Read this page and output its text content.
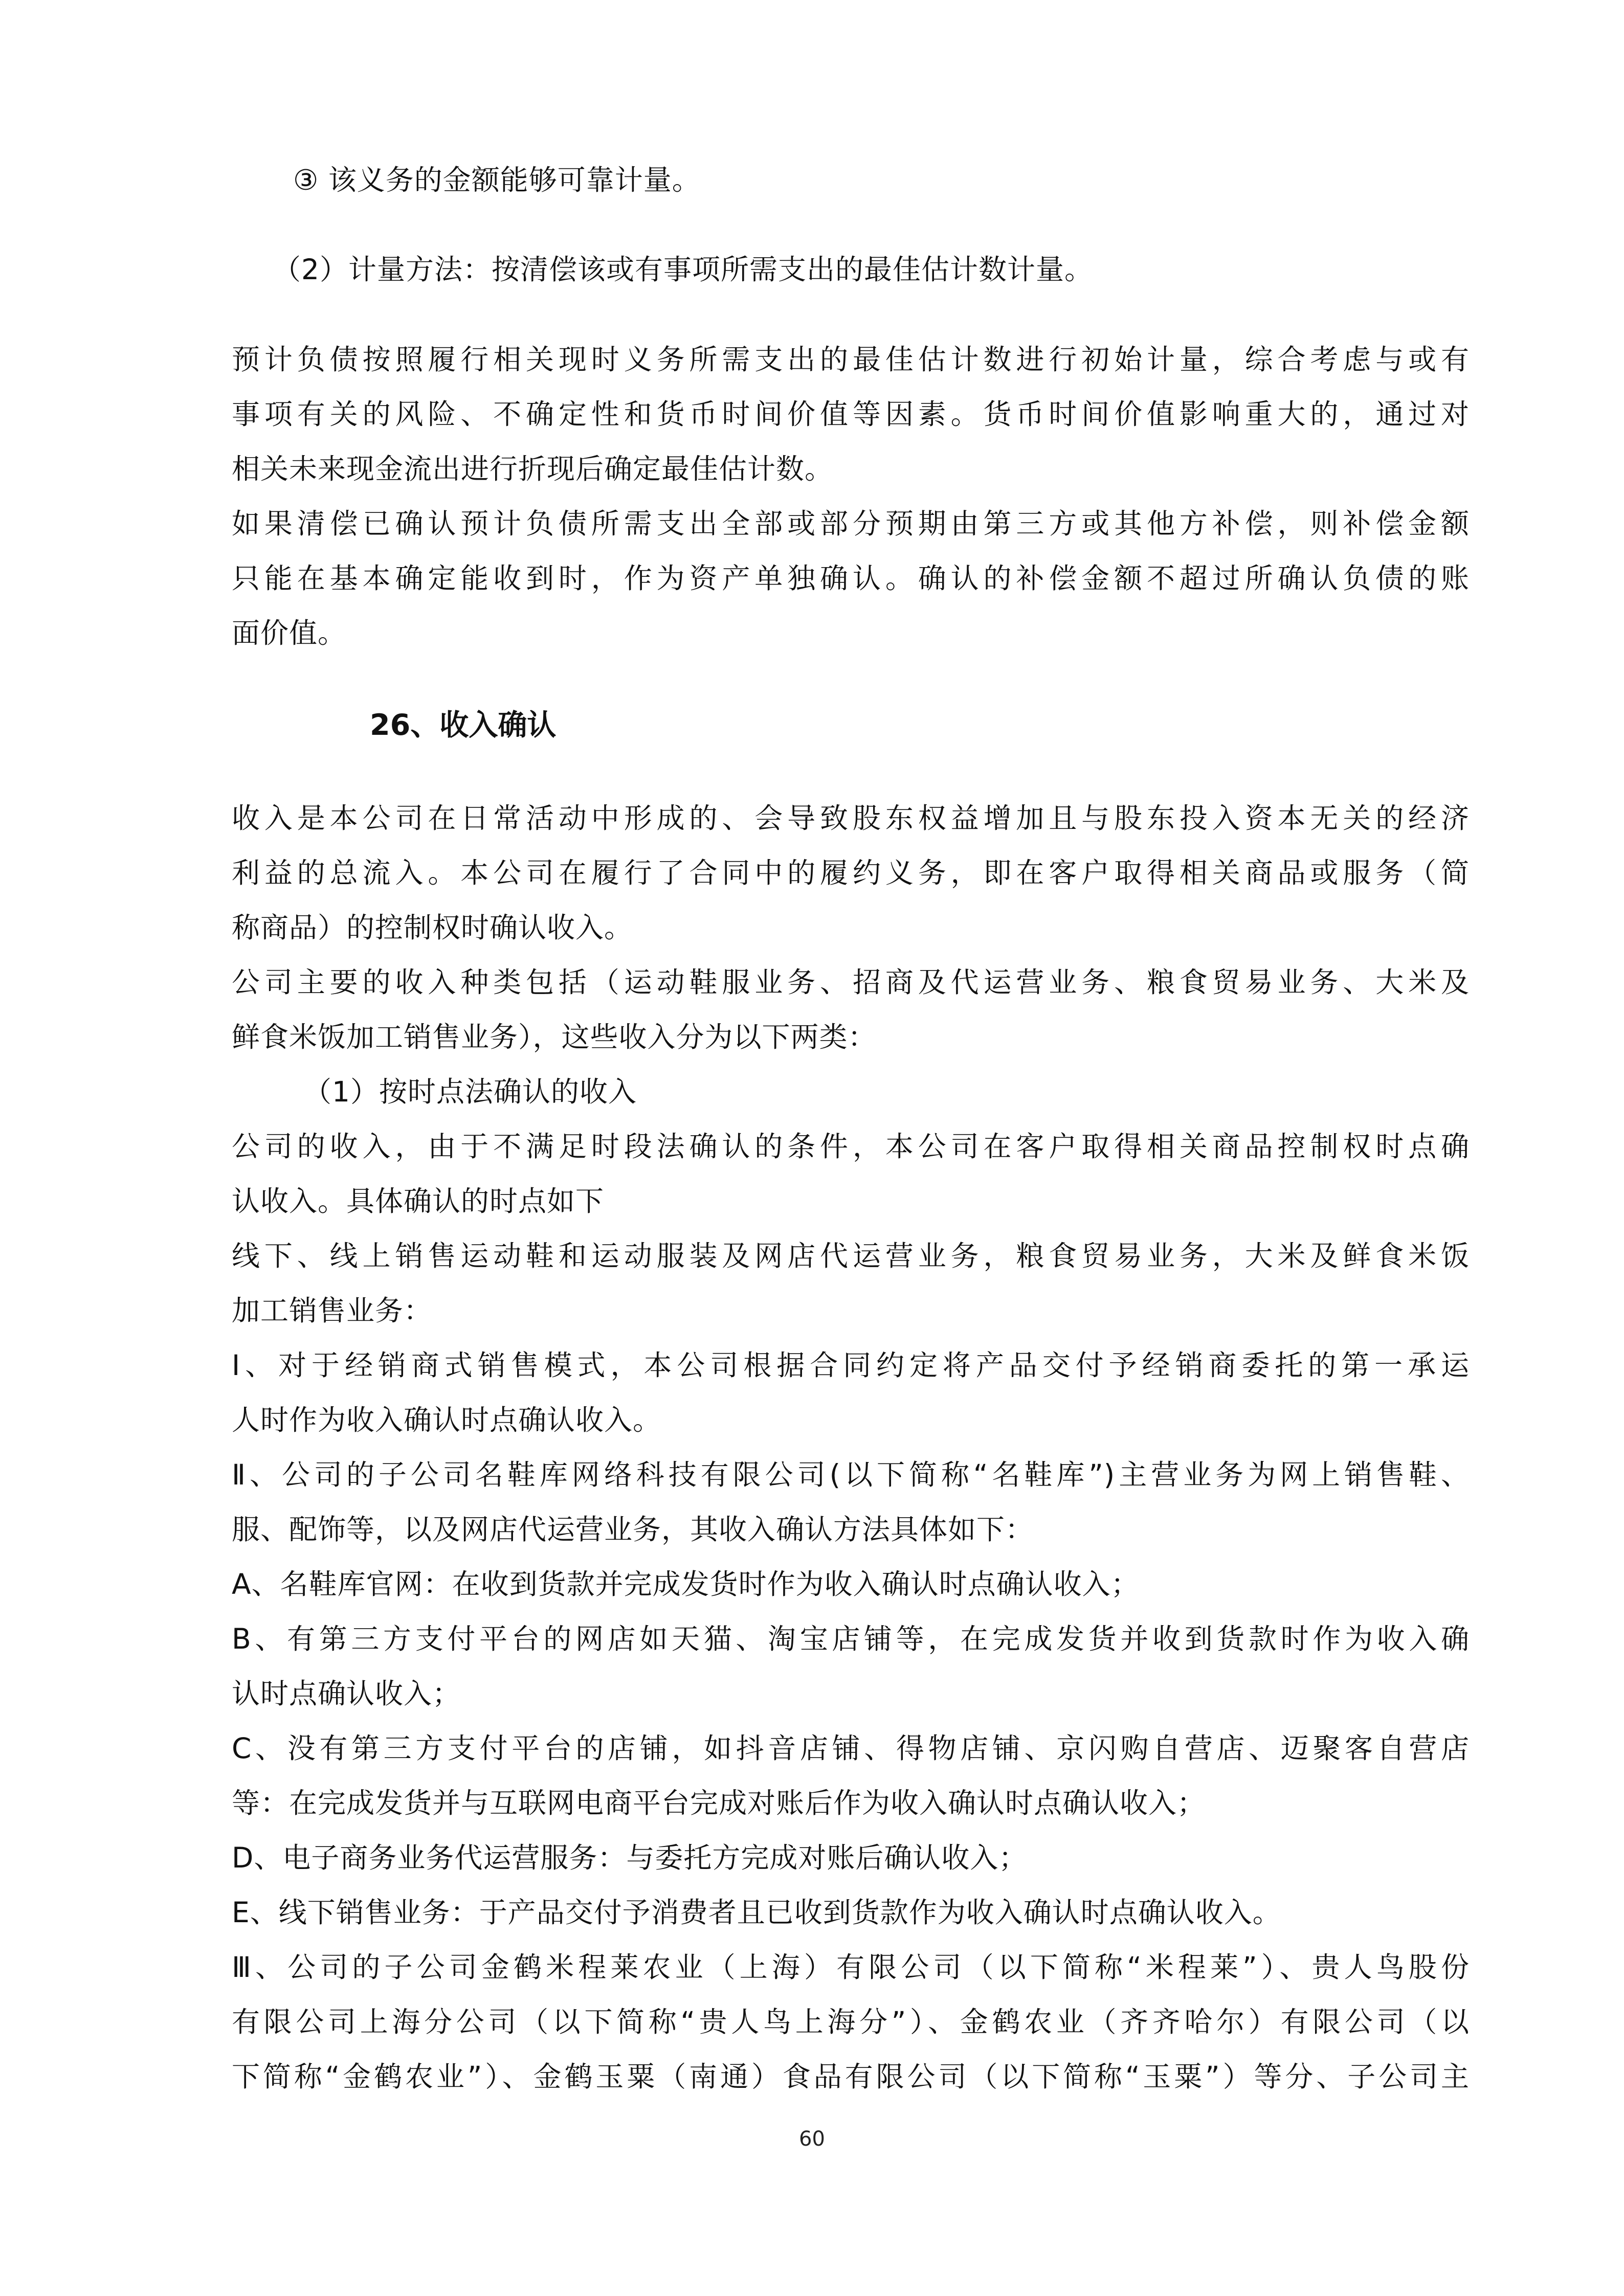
③ 该义务的金额能够可靠计量。
（2）计量方法：按清偿该或有事项所需支出的最佳估计数计量。
预计负债按照履行相关现时义务所需支出的最佳估计数进行初始计量，综合考虑与或有
事项有关的风险、不确定性和货币时间价值等因素。货币时间价值影响重大的，通过对
相关未来现金流出进行折现后确定最佳估计数。
如果清偿已确认预计负债所需支出全部或部分预期由第三方或其他方补偿，则补偿金额
只能在基本确定能收到时，作为资产单独确认。确认的补偿金额不超过所确认负债的账
面价值。
26、收入确认
收入是本公司在日常活动中形成的、会导致股东权益增加且与股东投入资本无关的经济
利益的总流入。本公司在履行了合同中的履约义务，即在客户取得相关商品或服务（简
称商品）的控制权时确认收入。
公司主要的收入种类包括（运动鞋服业务、招商及代运营业务、粮食贸易业务、大米及
鲜食米饭加工销售业务），这些收入分为以下两类：
（1）按时点法确认的收入
公司的收入，由于不满足时段法确认的条件，本公司在客户取得相关商品控制权时点确
认收入。具体确认的时点如下
线下、线上销售运动鞋和运动服装及网店代运营业务，粮食贸易业务，大米及鲜食米饭
加工销售业务：
Ⅰ、对于经销商式销售模式，本公司根据合同约定将产品交付予经销商委托的第一承运
人时作为收入确认时点确认收入。
Ⅱ、公司的子公司名鞋库网络科技有限公司(以下简称“名鞋库”)主营业务为网上销售鞋、
服、配饰等，以及网店代运营业务，其收入确认方法具体如下：
A、名鞋库官网：在收到货款并完成发货时作为收入确认时点确认收入；
B、有第三方支付平台的网店如天猫、淘宝店铺等，在完成发货并收到货款时作为收入确
认时点确认收入；
C、没有第三方支付平台的店铺，如抖音店铺、得物店铺、京闪购自营店、迈聚客自营店
等：在完成发货并与互联网电商平台完成对账后作为收入确认时点确认收入；
D、电子商务业务代运营服务：与委托方完成对账后确认收入；
E、线下销售业务：于产品交付予消费者且已收到货款作为收入确认时点确认收入。
Ⅲ、公司的子公司金鹤米程莱农业（上海）有限公司（以下简称“米程莱”）、贵人鸟股份
有限公司上海分公司（以下简称“贵人鸟上海分”）、金鹤农业（齐齐哈尔）有限公司（以
下简称“金鹤农业”）、金鹤玉粟（南通）食品有限公司（以下简称“玉粟”）等分、子公司主
60
